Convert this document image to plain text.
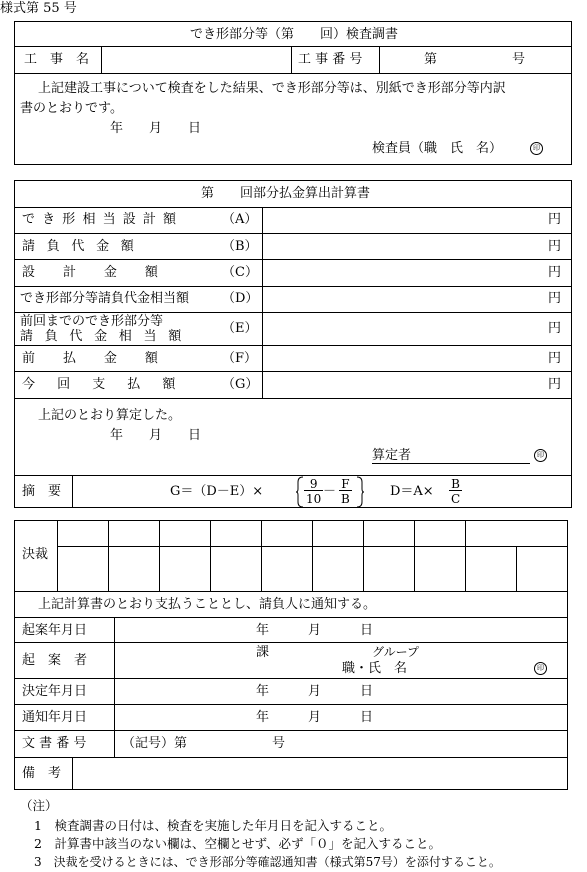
様式第 55 号
でき形部分等（第　　回）検査調書
工　事　名	工 事 番 号	第	号
上記建設工事について検査をした結果、でき形部分等は、別紙でき形部分等内訳
書のとおりです。
年　　月　　日
検査員（職　氏　名）	印
第　　回部分払金算出計算書
でき形相当設計額	（A）	円
請負代金額	（B）	円
設計金額	（C）	円
でき形部分等請負代金相当額	（D）	円
前回までのでき形部分等
請負代金相当額
（E）	円
前払金額	（F）	円
今回支払額 （G）	円
上記のとおり算定した。
年　　月　　日
算定者	印
摘　要	G＝（D－E）×	$\frac{9}{10} - \frac{F}{B}$	$D=A\times \frac{B}{C}$
決裁
上記計算書のとおり支払うこととし、請負人に通知する。
起案年月日	年　　　月　　　日
起　案　者
課	グループ
職・氏　名	印
決定年月日	年　　　月　　　日
通知年月日	年　　　月　　　日
文 書 番 号	（記号）第	号
備　考
（注）
1　検査調書の日付は、検査を実施した年月日を記入すること。
2　計算書中該当のない欄は、空欄とせず、必ず「０」を記入すること。
3　決裁を受けるときには、でき形部分等確認通知書（様式第57号）を添付すること。
